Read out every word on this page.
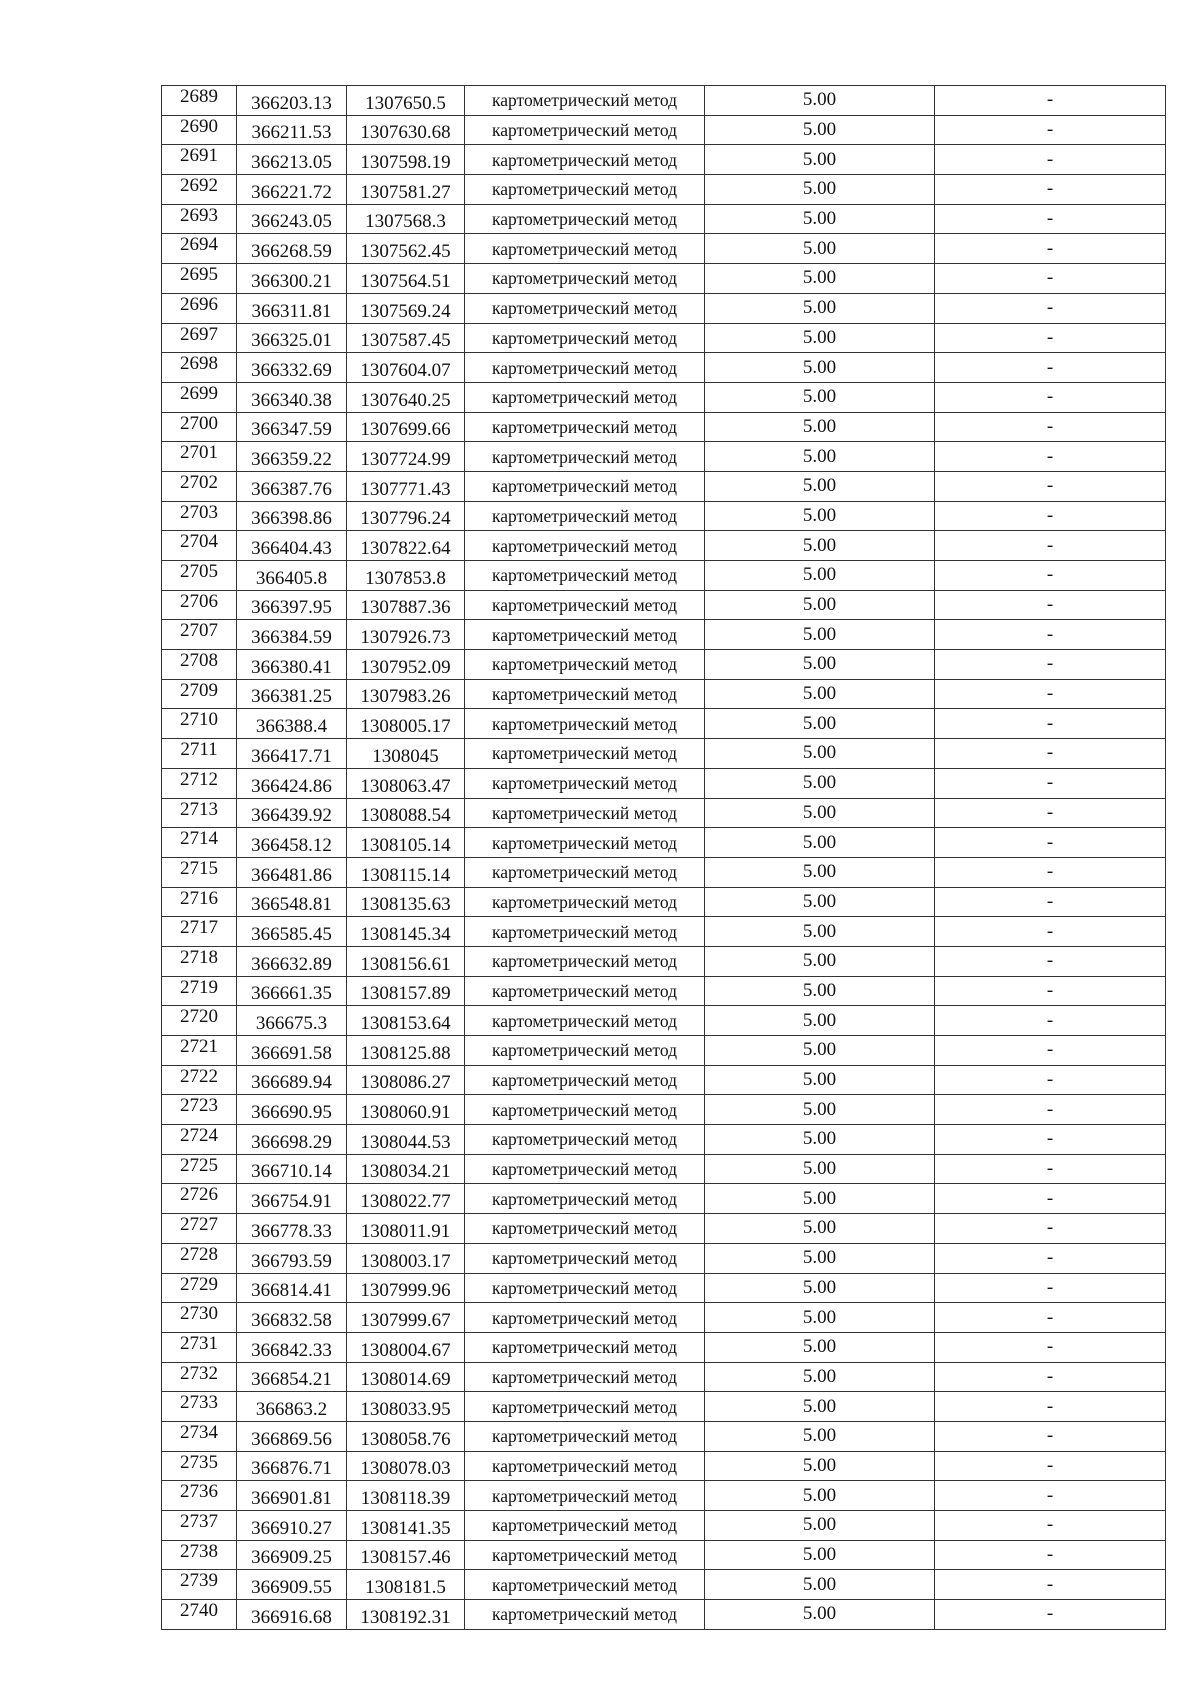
2689	366203.13	1307650.5	картометрический метод	5.00	-
2690	366211.53	1307630.68	картометрический метод	5.00	-
2691	366213.05	1307598.19	картометрический метод	5.00	-
2692	366221.72	1307581.27	картометрический метод	5.00	-
2693	366243.05	1307568.3	картометрический метод	5.00	-
2694	366268.59	1307562.45	картометрический метод	5.00	-
2695	366300.21	1307564.51	картометрический метод	5.00	-
2696	366311.81	1307569.24	картометрический метод	5.00	-
2697	366325.01	1307587.45	картометрический метод	5.00	-
2698	366332.69	1307604.07	картометрический метод	5.00	-
2699	366340.38	1307640.25	картометрический метод	5.00	-
2700	366347.59	1307699.66	картометрический метод	5.00	-
2701	366359.22	1307724.99	картометрический метод	5.00	-
2702	366387.76	1307771.43	картометрический метод	5.00	-
2703	366398.86	1307796.24	картометрический метод	5.00	-
2704	366404.43	1307822.64	картометрический метод	5.00	-
2705	366405.8	1307853.8	картометрический метод	5.00	-
2706	366397.95	1307887.36	картометрический метод	5.00	-
2707	366384.59	1307926.73	картометрический метод	5.00	-
2708	366380.41	1307952.09	картометрический метод	5.00	-
2709	366381.25	1307983.26	картометрический метод	5.00	-
2710	366388.4	1308005.17	картометрический метод	5.00	-
2711	366417.71	1308045	картометрический метод	5.00	-
2712	366424.86	1308063.47	картометрический метод	5.00	-
2713	366439.92	1308088.54	картометрический метод	5.00	-
2714	366458.12	1308105.14	картометрический метод	5.00	-
2715	366481.86	1308115.14	картометрический метод	5.00	-
2716	366548.81	1308135.63	картометрический метод	5.00	-
2717	366585.45	1308145.34	картометрический метод	5.00	-
2718	366632.89	1308156.61	картометрический метод	5.00	-
2719	366661.35	1308157.89	картометрический метод	5.00	-
2720	366675.3	1308153.64	картометрический метод	5.00	-
2721	366691.58	1308125.88	картометрический метод	5.00	-
2722	366689.94	1308086.27	картометрический метод	5.00	-
2723	366690.95	1308060.91	картометрический метод	5.00	-
2724	366698.29	1308044.53	картометрический метод	5.00	-
2725	366710.14	1308034.21	картометрический метод	5.00	-
2726	366754.91	1308022.77	картометрический метод	5.00	-
2727	366778.33	1308011.91	картометрический метод	5.00	-
2728	366793.59	1308003.17	картометрический метод	5.00	-
2729	366814.41	1307999.96	картометрический метод	5.00	-
2730	366832.58	1307999.67	картометрический метод	5.00	-
2731	366842.33	1308004.67	картометрический метод	5.00	-
2732	366854.21	1308014.69	картометрический метод	5.00	-
2733	366863.2	1308033.95	картометрический метод	5.00	-
2734	366869.56	1308058.76	картометрический метод	5.00	-
2735	366876.71	1308078.03	картометрический метод	5.00	-
2736	366901.81	1308118.39	картометрический метод	5.00	-
2737	366910.27	1308141.35	картометрический метод	5.00	-
2738	366909.25	1308157.46	картометрический метод	5.00	-
2739	366909.55	1308181.5	картометрический метод	5.00	-
2740	366916.68	1308192.31	картометрический метод	5.00	-
